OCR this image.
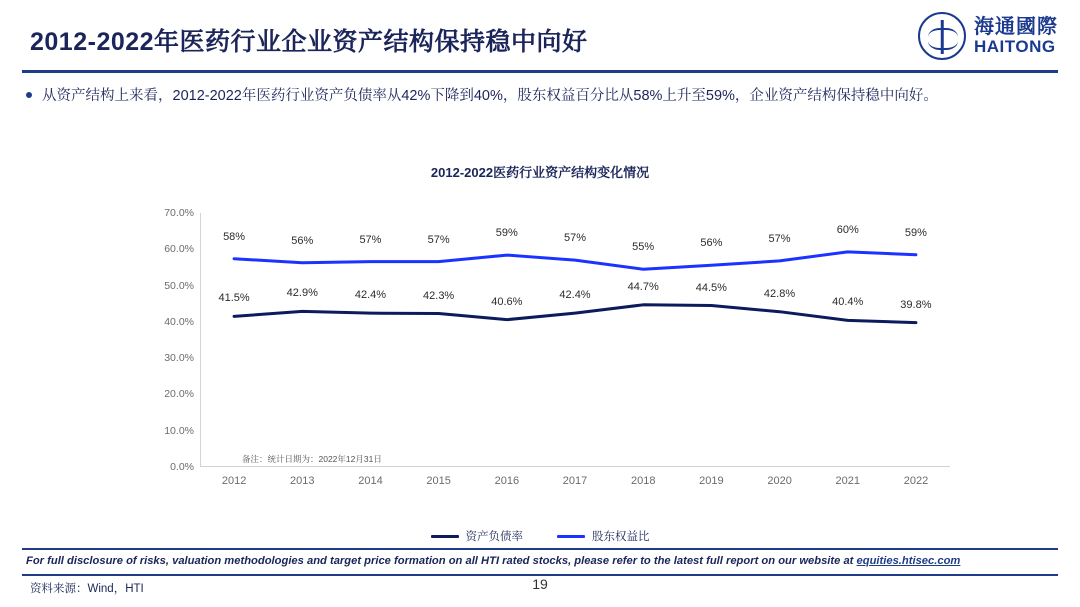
2012-2022年医药行业企业资产结构保持稳中向好
海通國際
HAITONG
从资产结构上来看，2012-2022年医药行业资产负债率从42%下降到40%，股东权益百分比从58%上升至59%，企业资产结构保持稳中向好。
2012-2022医药行业资产结构变化情况
0.0%
10.0%
20.0%
30.0%
40.0%
50.0%
60.0%
70.0%
41.5%	42.9%	42.4%	42.3%
40.6%
42.4%
44.7%	44.5%
42.8%
40.4%	39.8%
58%	56%	57%	57%
59%	57%
55%	56%	57%
60%	59%
备注：统计日期为：2022年12月31日
2012	2013	2014	2015	2016	2017	2018	2019	2020	2021	2022
资产负债率	股东权益比
For full disclosure of risks, valuation methodologies and target price formation on all HTI rated stocks, please refer to the latest full report on our website at equities.htisec.com
资料来源：Wind，HTI	19
